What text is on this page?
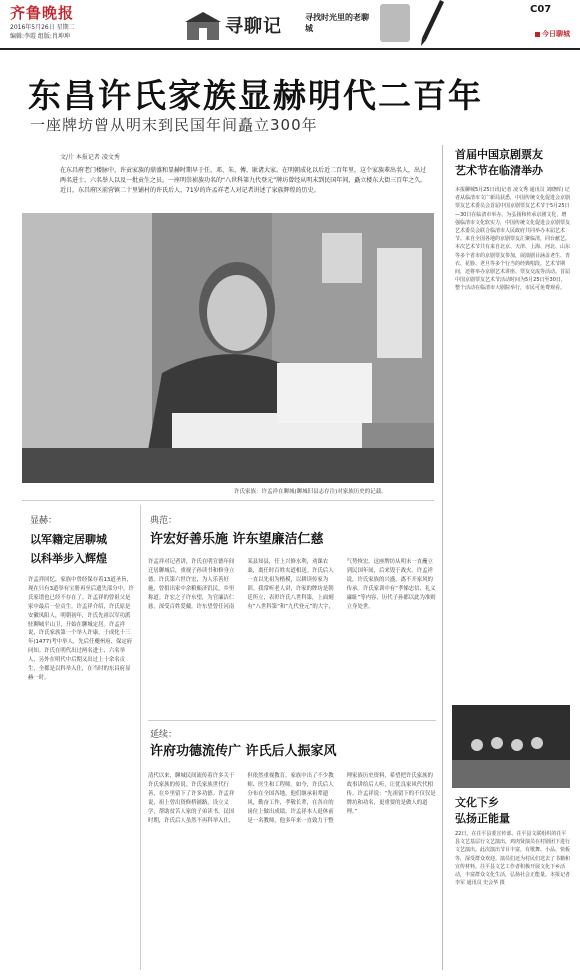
齐鲁晚报
2016年5月26日 星期二
编辑:李霞 组版:肖坤坤	寻聊记	寻找时光里的老聊城
C07
今日聊城
东昌许氏家族显赫明代二百年
一座牌坊曾从明末到民国年间矗立300年
文/片 本报记者 凌文秀
在东昌府老门楼脉中，许贡家族的鼎盛和显赫时期早于任、邓、朱、傅、耿诸大家。在明朝成化以后近二百年里，这个家族辈出名人，出过两名进士、六名举人以及一批贡生之员。一座明崇祯族功名的“八世科第九代登元”牌坊曾经从明末到民国年间，矗立楼东大街三百年之久。近日，东昌府区前营镇二十里铺村的许氏后人、71岁的许孟祥老人对记者讲述了家族辉煌的历史。
许氏家族：许孟祥在聊城(聊城旧县志存注)对家族历史的记载。
显赫：
以军籍定居聊城
以科举步入辉煌
许孟祥回忆，家族中曾经保存着13道圣旨，现在只有3道举有宝册再至后遗失部分中，许氏家谱也已经不存在了。许孟祥的曾祖父是家中最后一位贡生。许孟祥介绍，许氏原是安徽凤阳人，明朝初年，许氏先祖以军功派驻聊城平山卫，开始在聊城定居。许孟祥说，许氏家族第一个举人许康，于成化十三年(1477)考中举人，先后任夔州府、保定府同知。许氏在明代出过两名进士、六名举人，另外在明代中后期又出过上十余名贡生，全都是以科举入仕，在当时的东昌府显赫一时。
典范：
许宏好善乐施 许东望廉洁仁慈
许孟祥对记者讲，许氏在明宣德年间迁居聊城后，重视子孙读书和修身立德。许氏第六世许宏，为人乐善好施，曾捐出家中余粮赈济饥民，乡里称道。许宏之子许东望，为官廉洁仁慈，深受百姓爱戴。许东望曾任河南某县知县，任上兴修水利，劝课农桑，离任时百姓夹道相送。许氏后人一直以先祖为楷模，以耕读传家为训。我常听老人讲，许家的牌坊是朝廷所立，表彰许氏八世科第，上面刻有“八世科第”和“九代登元”的大字，气势恢宏。这座牌坊从明末一直矗立到民国年间，后来毁于战火。许孟祥说，许氏家族的兴盛，离不开家风的传承。许氏家训中有“孝悌忠信、礼义廉耻”等内容，历代子孙都以此为准则立身处世。
延续：
许府功德流传广 许氏后人振家风
清代以来，聊城民间流传着许多关于许氏家族的传说。许氏家族世代行善，在乡里留下了许多功德。许孟祥说，祖上曾出资修桥铺路，设立义学，帮助贫苦人家的子弟读书。民国时期，许氏后人虽然不再科举入仕，但依然重视教育，家族中出了不少教师、医生和工程师。如今，许氏后人分布在全国各地，他们继承祖辈遗风，勤奋工作，孝敬长辈，在各自的岗位上做出成绩。许孟祥本人退休前是一名教师，他多年来一直致力于整理家族历史资料，希望把许氏家族的故事讲给后人听，让优良家风代代相传。许孟祥说：“先祖留下的不仅仅是牌坊和功名，更重要的是做人的道理。”
首届中国京剧票友
艺术节在临清举办
本报聊城5月25日讯(记者 凌文秀 通讯员 刘晓晖) 记者从临清市文广新局获悉，中国传统文化促进会京剧票友艺术委员会首届中国京剧票友艺术节于5月25日—30日在临清市举办。为弘扬和传承京剧文化，增强临清市文化软实力，中国传统文化促进会京剧票友艺术委员会联合临清市人民政府共同举办本届艺术节。来自全国各地的京剧票友汇聚临清，同台献艺。本次艺术节共有来自北京、天津、上海、河北、山东等多个省市的京剧票友参加，展演剧目涵盖老生、青衣、花脸、老旦等多个行当的经典唱段。艺术节期间，还将举办京剧艺术讲座、票友交流等活动。首届中国京剧票友艺术节活动时间为5月25日至30日，整个活动在临清市大剧院举行，市民可免费观看。
文化下乡
弘扬正能量
22日，在茌平县委宣传部、茌平县文联组织的茌平县文艺基层行文艺演出，鸡肉贤演员在村剧团下进行文艺演出。此次演出节目丰富，有歌舞、小品、快板等，深受群众欢迎。演员们还为村民们送去了书籍和宣传材料。茌平县文艺工作者积极开展文化下乡活动，丰富群众文化生活，弘扬社会正能量。本报记者 李军 通讯员 史会华 摄
